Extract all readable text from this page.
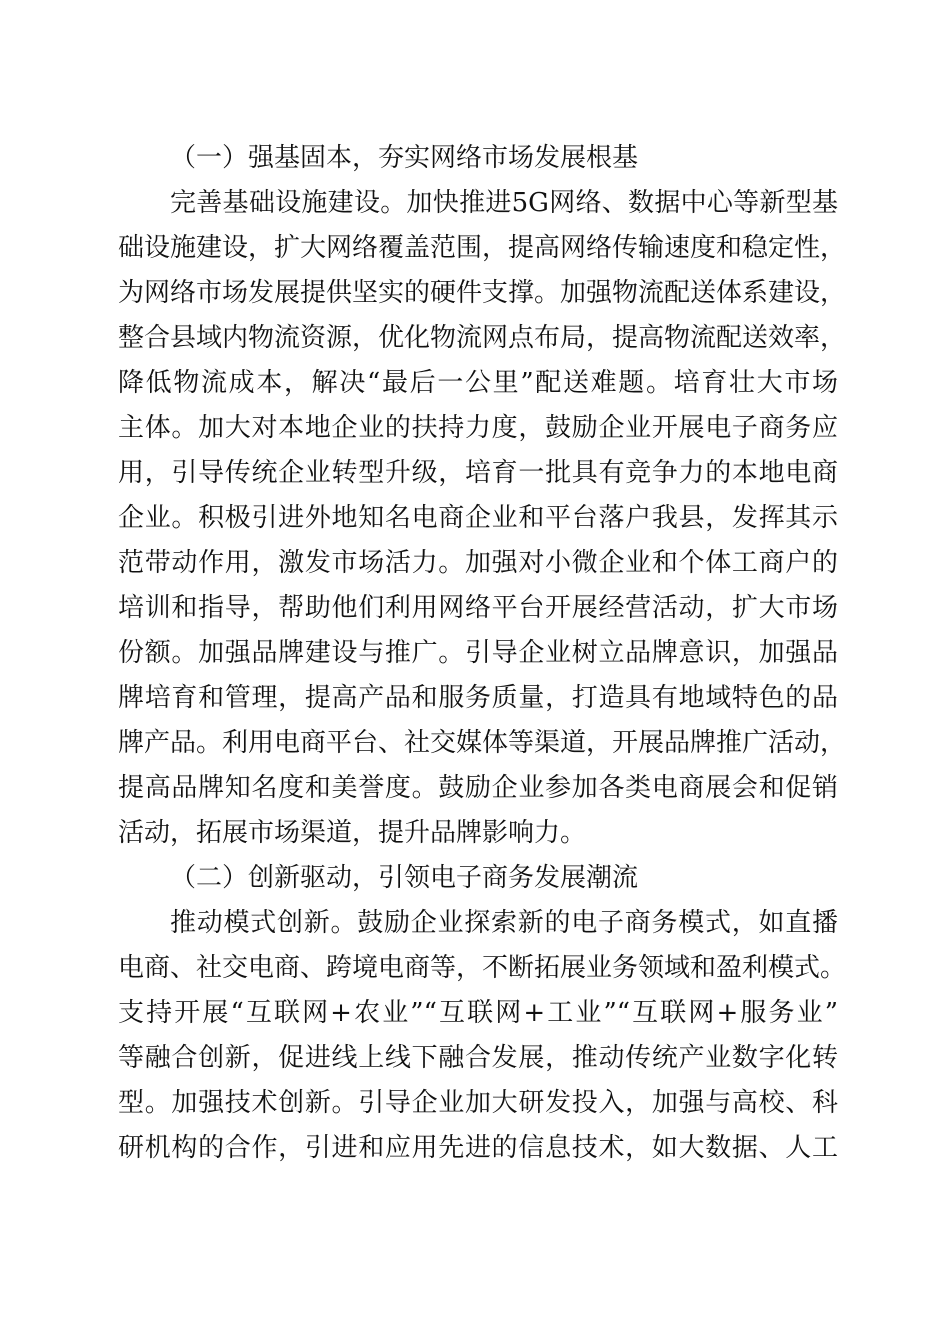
（一）强基固本，夯实网络市场发展根基
完善基础设施建设。加快推进5G网络、数据中心等新型基
础设施建设，扩大网络覆盖范围，提高网络传输速度和稳定性，
为网络市场发展提供坚实的硬件支撑。加强物流配送体系建设，
整合县域内物流资源，优化物流网点布局，提高物流配送效率，
降低物流成本，解决“最后一公里”配送难题。培育壮大市场
主体。加大对本地企业的扶持力度，鼓励企业开展电子商务应
用，引导传统企业转型升级，培育一批具有竞争力的本地电商
企业。积极引进外地知名电商企业和平台落户我县，发挥其示
范带动作用，激发市场活力。加强对小微企业和个体工商户的
培训和指导，帮助他们利用网络平台开展经营活动，扩大市场
份额。加强品牌建设与推广。引导企业树立品牌意识，加强品
牌培育和管理，提高产品和服务质量，打造具有地域特色的品
牌产品。利用电商平台、社交媒体等渠道，开展品牌推广活动，
提高品牌知名度和美誉度。鼓励企业参加各类电商展会和促销
活动，拓展市场渠道，提升品牌影响力。
（二）创新驱动，引领电子商务发展潮流
推动模式创新。鼓励企业探索新的电子商务模式，如直播
电商、社交电商、跨境电商等，不断拓展业务领域和盈利模式。
支持开展“互联网+农业”“互联网+工业”“互联网+服务业”
等融合创新，促进线上线下融合发展，推动传统产业数字化转
型。加强技术创新。引导企业加大研发投入，加强与高校、科
研机构的合作，引进和应用先进的信息技术，如大数据、人工
